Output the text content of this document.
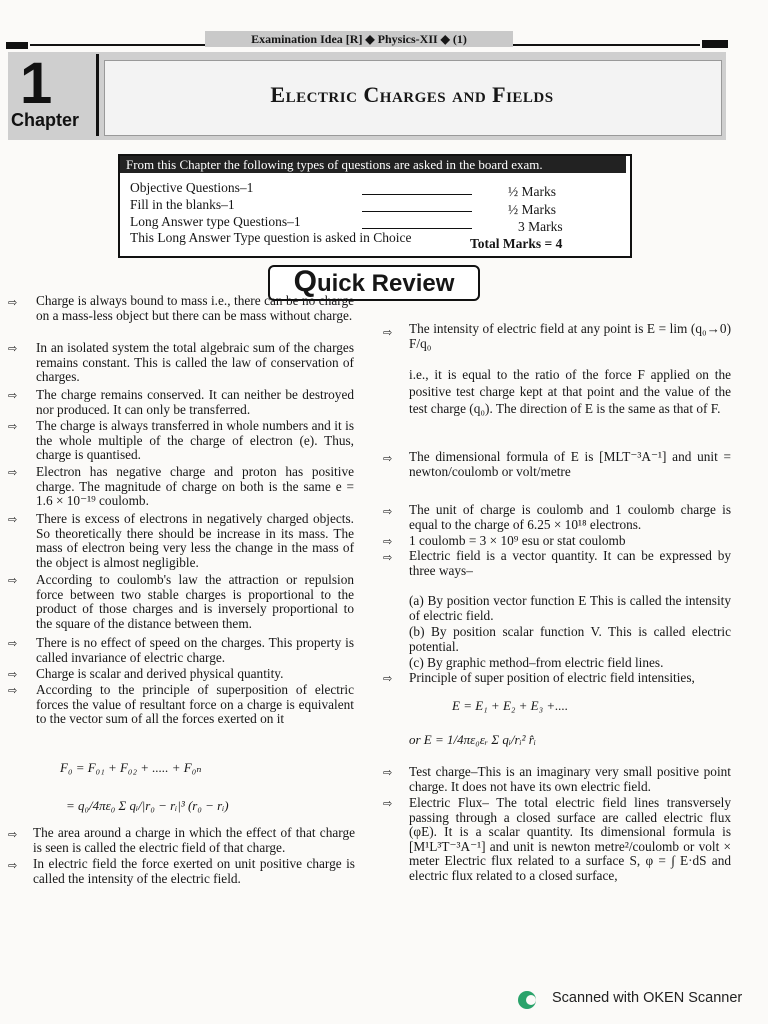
Examination Idea [R] ◆ Physics-XII ◆ (1)
1
Chapter
Electric Charges and Fields
From this Chapter the following types of questions are asked in the board exam.
Objective Questions–1	½ Marks
Fill in the blanks–1	½ Marks
Long Answer type Questions–1	3 Marks
This Long Answer Type question is asked in Choice	Total Marks = 4
Quick Review
⇨ Charge is always bound to mass i.e., there can be no charge on a mass-less object but there can be mass without charge.
⇨ In an isolated system the total algebraic sum of the charges remains constant. This is called the law of conservation of charges.
⇨ The charge remains conserved. It can neither be destroyed nor produced. It can only be transferred.
⇨ The charge is always transferred in whole numbers and it is the whole multiple of the charge of electron (e). Thus, charge is quantised.
⇨ Electron has negative charge and proton has positive charge. The magnitude of charge on both is the same e = 1.6 × 10⁻¹⁹ coulomb.
⇨ There is excess of electrons in negatively charged objects. So theoretically there should be increase in its mass. The mass of electron being very less the change in the mass of the object is almost negligible.
⇨ According to coulomb's law the attraction or repulsion force between two stable charges is proportional to the product of those charges and is inversely proportional to the square of the distance between them.
⇨ There is no effect of speed on the charges. This property is called invariance of electric charge.
⇨ Charge is scalar and derived physical quantity.
⇨ According to the principle of superposition of electric forces the value of resultant force on a charge is equivalent to the vector sum of all the forces exerted on it
F₀ = F₀₁ + F₀₂ + ..... + F₀ₙ
= q₀/4πε₀ Σ qᵢ/|r₀ − rᵢ|³ (r₀ − rᵢ)
⇨ The area around a charge in which the effect of that charge is seen is called the electric field of that charge.
⇨ In electric field the force exerted on unit positive charge is called the intensity of the electric field.
⇨ The intensity of electric field at any point is E = lim (q₀→0) F/q₀
i.e., it is equal to the ratio of the force F applied on the positive test charge kept at that point and the value of the test charge (q₀). The direction of E is the same as that of F.
⇨ The dimensional formula of E is [MLT⁻³A⁻¹] and unit = newton/coulomb or volt/metre
⇨ The unit of charge is coulomb and 1 coulomb charge is equal to the charge of 6.25 × 10¹⁸ electrons.
⇨ 1 coulomb = 3 × 10⁹ esu or stat coulomb
⇨ Electric field is a vector quantity. It can be expressed by three ways–
(a) By position vector function E This is called the intensity of electric field.
(b) By position scalar function V. This is called electric potential.
(c) By graphic method–from electric field lines.
⇨ Principle of super position of electric field intensities,
E = E₁ + E₂ + E₃ +....
or E = 1/4πε₀εᵣ Σ qᵢ/rᵢ² r̂ᵢ
⇨ Test charge–This is an imaginary very small positive point charge. It does not have its own electric field.
⇨ Electric Flux– The total electric field lines transversely passing through a closed surface are called electric flux (φE). It is a scalar quantity. Its dimensional formula is [M¹L³T⁻³A⁻¹] and unit is newton metre²/coulomb or volt × meter Electric flux related to a surface S, φ = ∫ E·dS and electric flux related to a closed surface,
Scanned with OKEN Scanner
